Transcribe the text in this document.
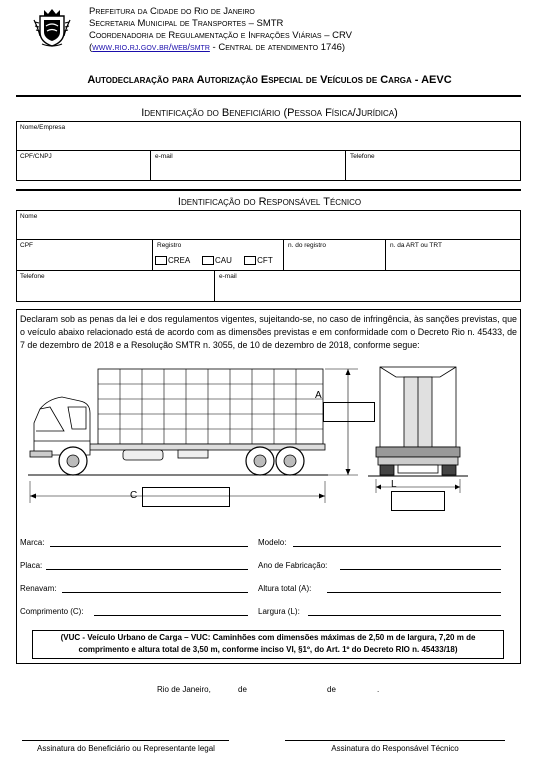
Prefeitura da Cidade do Rio de Janeiro
Secretaria Municipal de Transportes – SMTR
Coordenadoria de Regulamentação e Infrações Viárias – CRV
(www.rio.rj.gov.br/web/smtr - Central de atendimento 1746)
Autodeclaração para Autorização Especial de Veículos de Carga - AEVC
Identificação do Beneficiário (Pessoa Física/Jurídica)
Nome/Empresa
CPF/CNPJ	e-mail	Telefone
Identificação do Responsável Técnico
Nome
CPF	Registro	n. do registro	n. da ART ou TRT
CREA	CAU	CFT
Telefone	e-mail
Declaram sob as penas da lei e dos regulamentos vigentes, sujeitando-se, no caso de infringência, às sanções previstas, que o veículo abaixo relacionado está de acordo com as dimensões previstas e em conformidade com o Decreto Rio n. 45433, de 7 de dezembro de 2018 e a Resolução SMTR n. 3055, de 10 de dezembro de 2018, conforme segue:
A
C
L
Marca:	Modelo:
Placa:	Ano de Fabricação:
Renavam:	Altura total (A):
Comprimento (C):	Largura (L):
(VUC - Veículo Urbano de Carga – VUC: Caminhões com dimensões máximas de 2,50 m de largura, 7,20 m de comprimento e altura total de 3,50 m, conforme inciso VI, §1º, do Art. 1º do Decreto RIO n. 45433/18)
Rio de Janeiro,	de	de	.
Assinatura do Beneficiário ou Representante legal	Assinatura do Responsável Técnico
